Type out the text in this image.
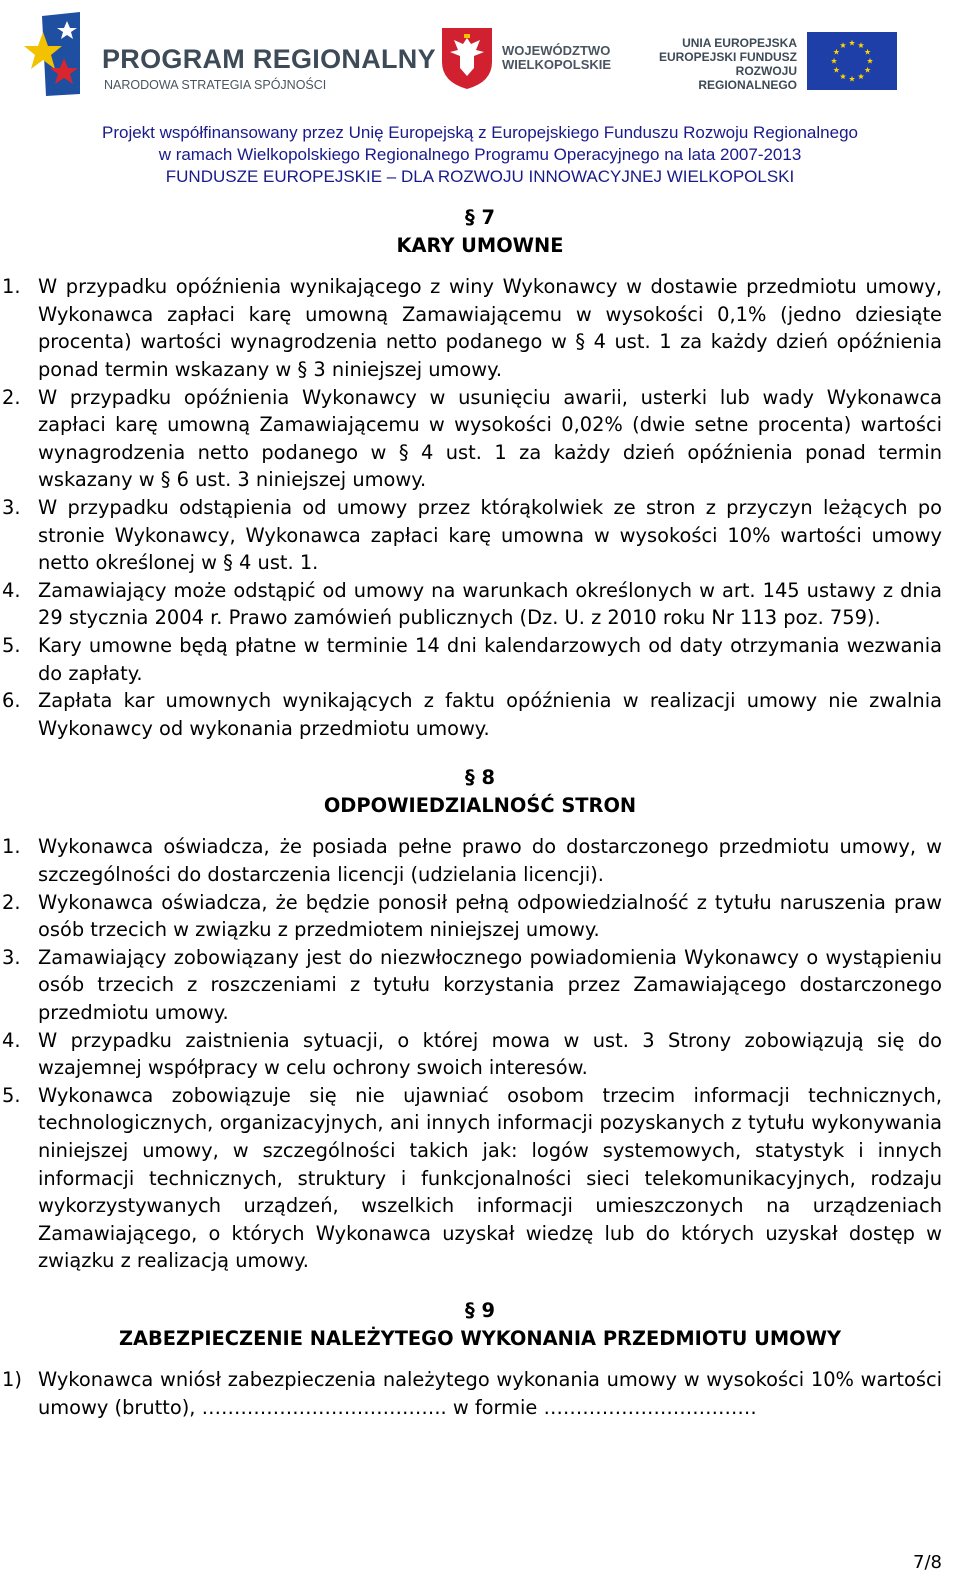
PROGRAM REGIONALNY
NARODOWA STRATEGIA SPÓJNOŚCI
WOJEWÓDZTWO
WIELKOPOLSKIE
UNIA EUROPEJSKA
EUROPEJSKI FUNDUSZ
ROZWOJU REGIONALNEGO
Projekt współfinansowany przez Unię Europejską z Europejskiego Funduszu Rozwoju Regionalnego
w ramach Wielkopolskiego Regionalnego Programu Operacyjnego na lata 2007-2013
FUNDUSZE EUROPEJSKIE – DLA ROZWOJU INNOWACYJNEJ WIELKOPOLSKI
§ 7
KARY UMOWNE
1. W przypadku opóźnienia wynikającego z winy Wykonawcy w dostawie przedmiotu umowy, Wykonawca zapłaci karę umowną Zamawiającemu w wysokości 0,1% (jedno dziesiąte procenta) wartości wynagrodzenia netto podanego w § 4 ust. 1 za każdy dzień opóźnienia ponad termin wskazany w § 3 niniejszej umowy.
2. W przypadku opóźnienia Wykonawcy w usunięciu awarii, usterki lub wady Wykonawca zapłaci karę umowną Zamawiającemu w wysokości 0,02% (dwie setne procenta) wartości wynagrodzenia netto podanego w § 4 ust. 1 za każdy dzień opóźnienia ponad termin wskazany w § 6 ust. 3 niniejszej umowy.
3. W przypadku odstąpienia od umowy przez którąkolwiek ze stron z przyczyn leżących po stronie Wykonawcy, Wykonawca zapłaci karę umowna w wysokości 10% wartości umowy netto określonej w § 4 ust. 1.
4. Zamawiający może odstąpić od umowy na warunkach określonych w art. 145 ustawy z dnia 29 stycznia 2004 r. Prawo zamówień publicznych (Dz. U. z 2010 roku Nr 113 poz. 759).
5. Kary umowne będą płatne w terminie 14 dni kalendarzowych od daty otrzymania wezwania do zapłaty.
6. Zapłata kar umownych wynikających z faktu opóźnienia w realizacji umowy nie zwalnia Wykonawcy od wykonania przedmiotu umowy.
§ 8
ODPOWIEDZIALNOŚĆ STRON
1. Wykonawca oświadcza, że posiada pełne prawo do dostarczonego przedmiotu umowy, w szczególności do dostarczenia licencji (udzielania licencji).
2. Wykonawca oświadcza, że będzie ponosił pełną odpowiedzialność z tytułu naruszenia praw osób trzecich w związku z przedmiotem niniejszej umowy.
3. Zamawiający zobowiązany jest do niezwłocznego powiadomienia Wykonawcy o wystąpieniu osób trzecich z roszczeniami z tytułu korzystania przez Zamawiającego dostarczonego przedmiotu umowy.
4. W przypadku zaistnienia sytuacji, o której mowa w ust. 3 Strony zobowiązują się do wzajemnej współpracy w celu ochrony swoich interesów.
5. Wykonawca zobowiązuje się nie ujawniać osobom trzecim informacji technicznych, technologicznych, organizacyjnych, ani innych informacji pozyskanych z tytułu wykonywania niniejszej umowy, w szczególności takich jak: logów systemowych, statystyk i innych informacji technicznych, struktury i funkcjonalności sieci telekomunikacyjnych, rodzaju wykorzystywanych urządzeń, wszelkich informacji umieszczonych na urządzeniach Zamawiającego, o których Wykonawca uzyskał wiedzę lub do których uzyskał dostęp w związku z realizacją umowy.
§ 9
ZABEZPIECZENIE NALEŻYTEGO WYKONANIA PRZEDMIOTU UMOWY
1) Wykonawca wniósł zabezpieczenia należytego wykonania umowy w wysokości 10% wartości umowy (brutto), ……………………………….. w formie ……………………………
7/8
